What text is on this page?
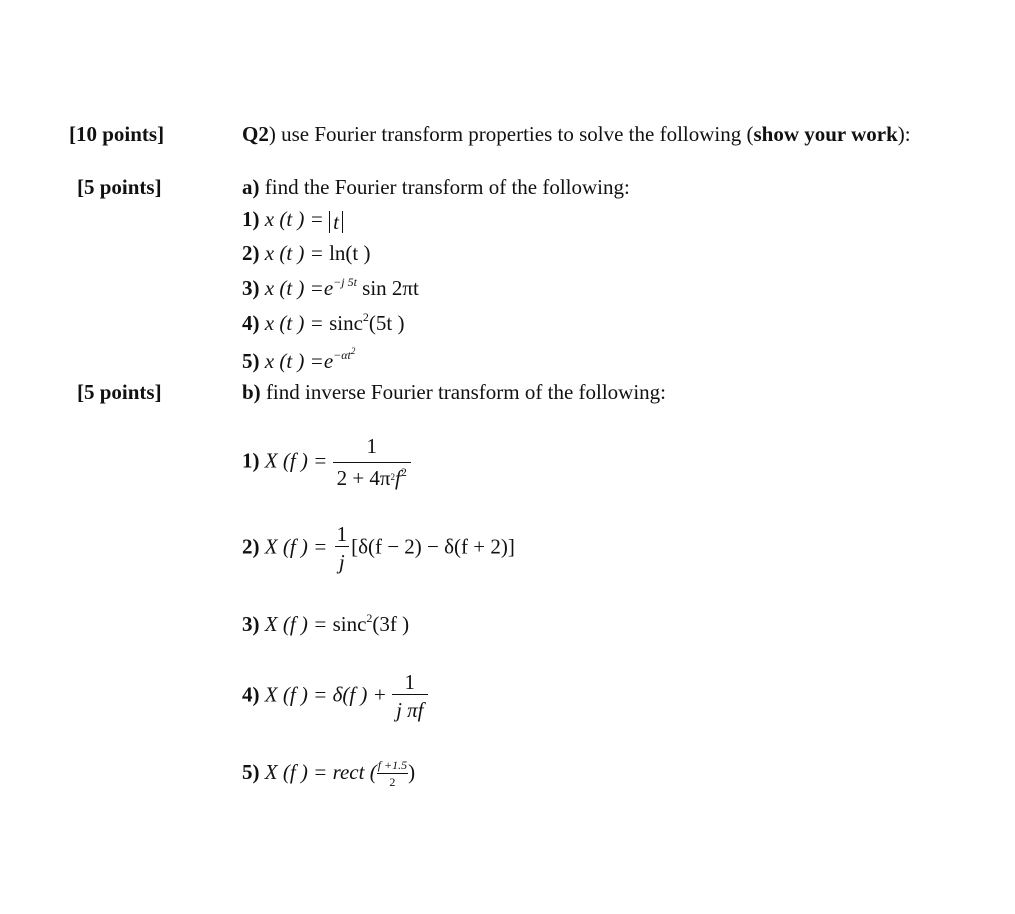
[10 points]	Q2) use Fourier transform properties to solve the following (show your work):
[5 points]	a) find the Fourier transform of the following:
1) x (t ) = t
2) x (t ) = ln(t )
3) x (t ) $=e^{-j 5t}$ sin 2πt
4) x (t ) = sinc$^2$(5t )
5) x (t ) $=e^{-\alpha t^2}$
[5 points]	b) find inverse Fourier transform of the following:
1) X (f ) = $\frac{1}{2 + 4\pi^2f^2}$
2) X (f ) = $\frac{1}{j}[\delta(f - 2) - \delta(f + 2)]$
3) X (f ) = sinc$^2$(3f )
4) X (f ) = δ(f ) + $\frac{1}{\text{j πf}}$
5) X (f ) = rect ($\frac{f +1.5}{2}$ )
